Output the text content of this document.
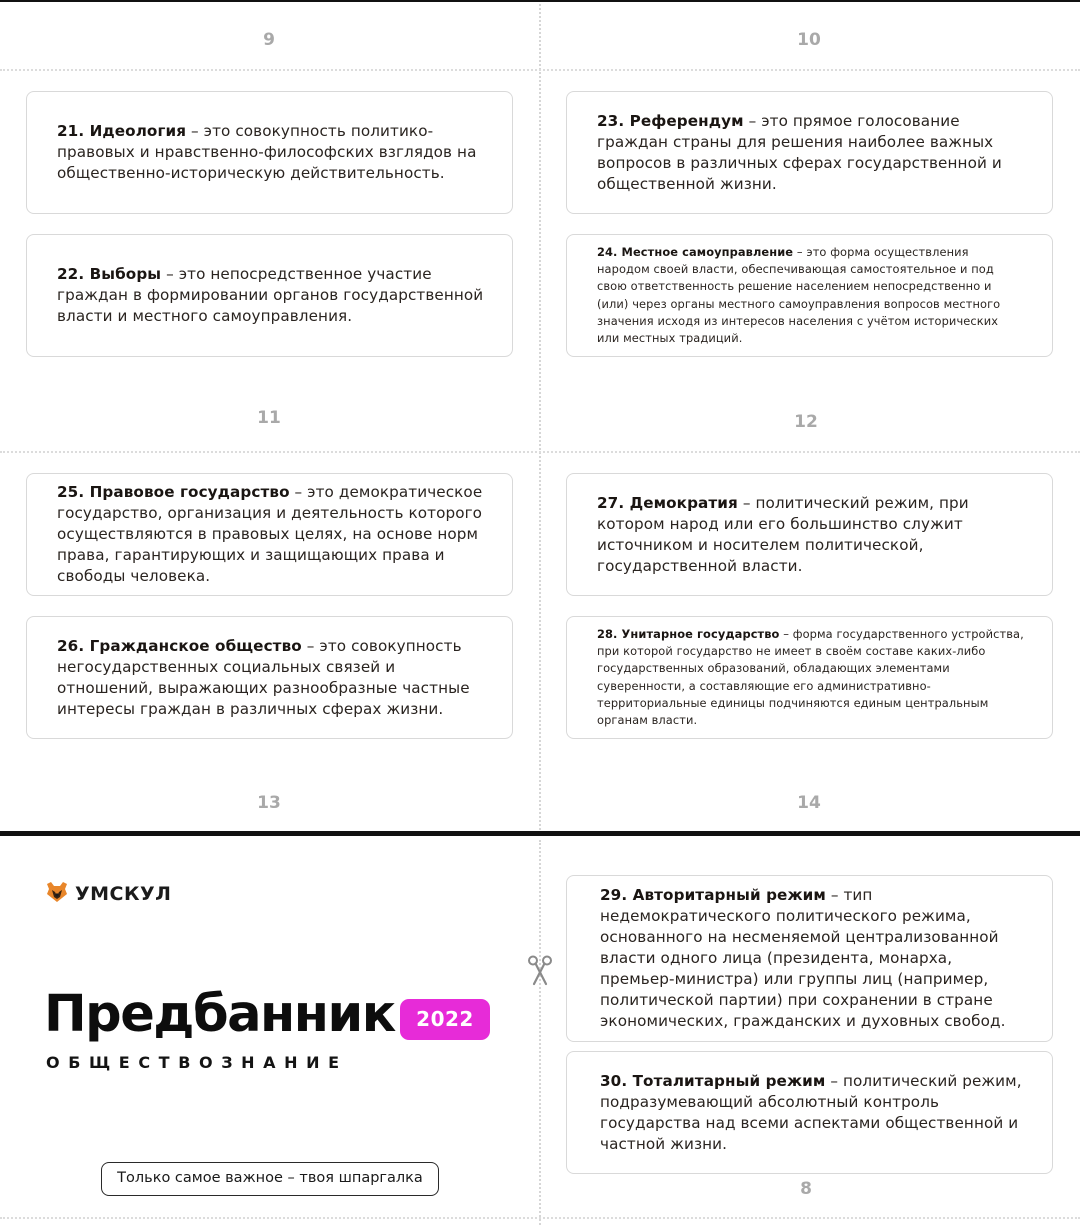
9	10
11	12
13	14
8

21. Идеология – это совокупность политико-правовых и нравственно-философских взглядов на общественно-историческую действительность.

22. Выборы – это непосредственное участие граждан в формировании органов государственной власти и местного самоуправления.

23. Референдум – это прямое голосование граждан страны для решения наиболее важных вопросов в различных сферах государственной и общественной жизни.

24. Местное самоуправление – это форма осуществления народом своей власти, обеспечивающая самостоятельное и под свою ответственность решение населением непосредственно и (или) через органы местного самоуправления вопросов местного значения исходя из интересов населения с учётом исторических или местных традиций.

25. Правовое государство – это демократическое государство, организация и деятельность которого осуществляются в правовых целях, на основе норм права, гарантирующих и защищающих права и свободы человека.

26. Гражданское общество – это совокупность негосударственных социальных связей и отношений, выражающих разнообразные частные интересы граждан в различных сферах жизни.

27. Демократия – политический режим, при котором народ или его большинство служит источником и носителем политической, государственной власти.

28. Унитарное государство – форма государственного устройства, при которой государство не имеет в своём составе каких-либо государственных образований, обладающих элементами суверенности, а составляющие его административно-территориальные единицы подчиняются единым центральным органам власти.

29. Авторитарный режим – тип недемократического политического режима, основанного на несменяемой централизованной власти одного лица (президента, монарха, премьер-министра) или группы лиц (например, политической партии) при сохранении в стране экономических, гражданских и духовных свобод.

30. Тоталитарный режим – политический режим, подразумевающий абсолютный контроль государства над всеми аспектами общественной и частной жизни.

УМСКУЛ
Предбанник	2022
ОБЩЕСТВОЗНАНИЕ
Только самое важное – твоя шпаргалка
